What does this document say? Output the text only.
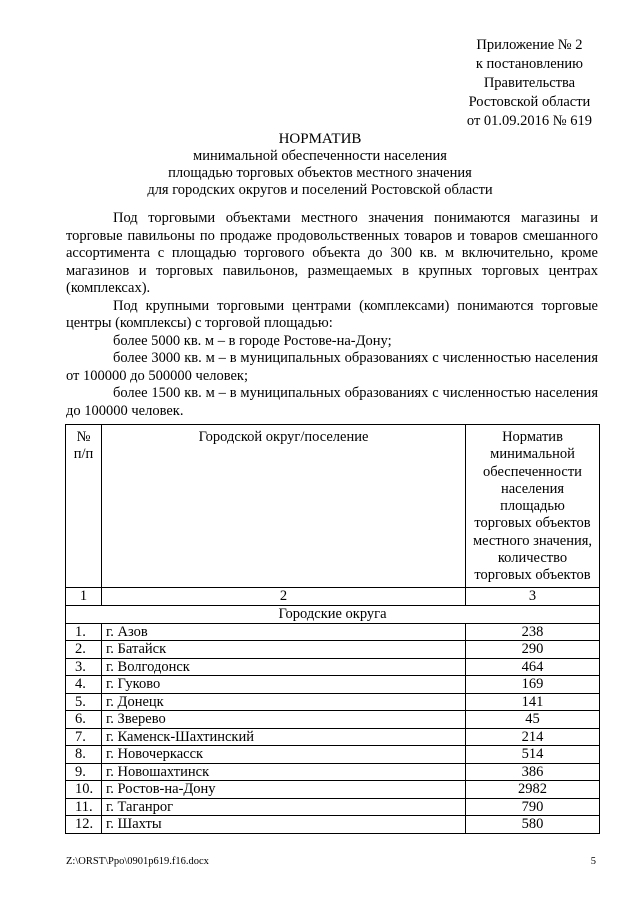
Приложение № 2
к постановлению
Правительства
Ростовской области
от 01.09.2016 № 619
НОРМАТИВ
минимальной обеспеченности населения
площадью торговых объектов местного значения
для городских округов и поселений Ростовской области

Под торговыми объектами местного значения понимаются магазины и торговые павильоны по продаже продовольственных товаров и товаров смешанного ассортимента с площадью торгового объекта до 300 кв. м включительно, кроме магазинов и торговых павильонов, размещаемых в крупных торговых центрах (комплексах).

Под крупными торговыми центрами (комплексами) понимаются торговые центры (комплексы) с торговой площадью:

более 5000 кв. м – в городе Ростове-на-Дону;

более 3000 кв. м – в муниципальных образованиях с численностью населения от 100000 до 500000 человек;

более 1500 кв. м – в муниципальных образованиях с численностью населения до 100000 человек.

№ п/п	Городской округ/поселение	Норматив минимальной обеспеченности населения площадью торговых объектов местного значения, количество торговых объектов
1	2	3
Городские округа		
1.	г. Азов	238
2.	г. Батайск	290
3.	г. Волгодонск	464
4.	г. Гуково	169
5.	г. Донецк	141
6.	г. Зверево	45
7.	г. Каменск-Шахтинский	214
8.	г. Новочеркасск	514
9.	г. Новошахтинск	386
10.	г. Ростов-на-Дону	2982
11.	г. Таганрог	790
12.	г. Шахты	580
Z:\ORST\Ppo\0901p619.f16.docx	5
